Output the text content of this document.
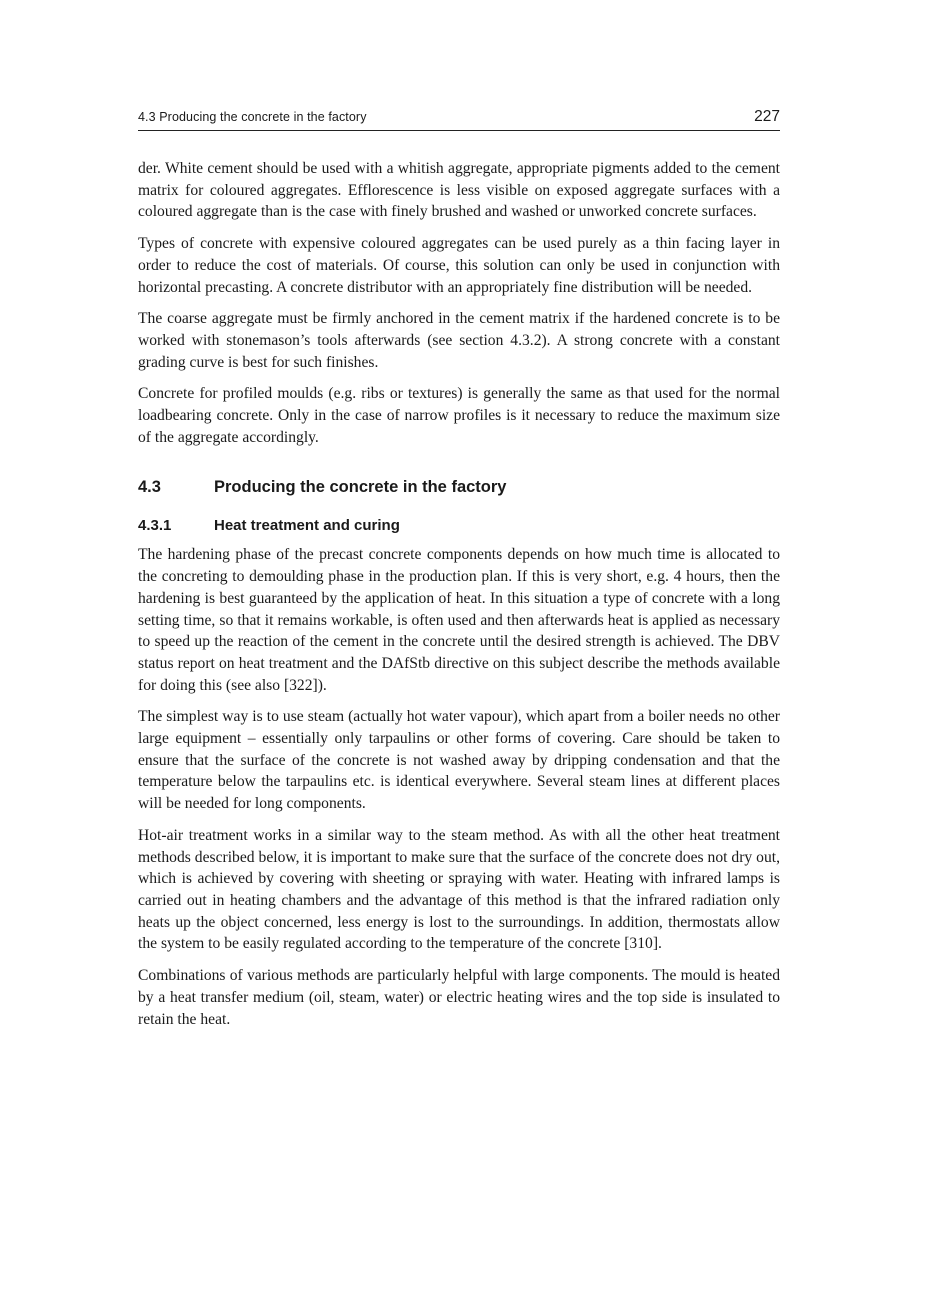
4.3 Producing the concrete in the factory	227

der. White cement should be used with a whitish aggregate, appropriate pigments added to the cement matrix for coloured aggregates. Efflorescence is less visible on exposed aggregate surfaces with a coloured aggregate than is the case with finely brushed and washed or unworked concrete surfaces.

Types of concrete with expensive coloured aggregates can be used purely as a thin facing layer in order to reduce the cost of materials. Of course, this solution can only be used in conjunction with horizontal precasting. A concrete distributor with an appropriately fine distribution will be needed.

The coarse aggregate must be firmly anchored in the cement matrix if the hardened concrete is to be worked with stonemason’s tools afterwards (see section 4.3.2). A strong concrete with a constant grading curve is best for such finishes.

Concrete for profiled moulds (e.g. ribs or textures) is generally the same as that used for the normal loadbearing concrete. Only in the case of narrow profiles is it necessary to reduce the maximum size of the aggregate accordingly.

4.3	Producing the concrete in the factory
4.3.1	Heat treatment and curing

The hardening phase of the precast concrete components depends on how much time is allocated to the concreting to demoulding phase in the production plan. If this is very short, e.g. 4 hours, then the hardening is best guaranteed by the application of heat. In this situation a type of concrete with a long setting time, so that it remains workable, is often used and then afterwards heat is applied as necessary to speed up the reaction of the cement in the concrete until the desired strength is achieved. The DBV status report on heat treatment and the DAfStb directive on this subject describe the methods available for doing this (see also [322]).

The simplest way is to use steam (actually hot water vapour), which apart from a boiler needs no other large equipment – essentially only tarpaulins or other forms of covering. Care should be taken to ensure that the surface of the concrete is not washed away by dripping condensation and that the temperature below the tarpaulins etc. is identical everywhere. Several steam lines at different places will be needed for long components.

Hot-air treatment works in a similar way to the steam method. As with all the other heat treatment methods described below, it is important to make sure that the surface of the concrete does not dry out, which is achieved by covering with sheeting or spraying with water. Heating with infrared lamps is carried out in heating chambers and the advantage of this method is that the infrared radiation only heats up the object concerned, less energy is lost to the surroundings. In addition, thermostats allow the system to be easily regulated according to the temperature of the concrete [310].

Combinations of various methods are particularly helpful with large components. The mould is heated by a heat transfer medium (oil, steam, water) or electric heating wires and the top side is insulated to retain the heat.
